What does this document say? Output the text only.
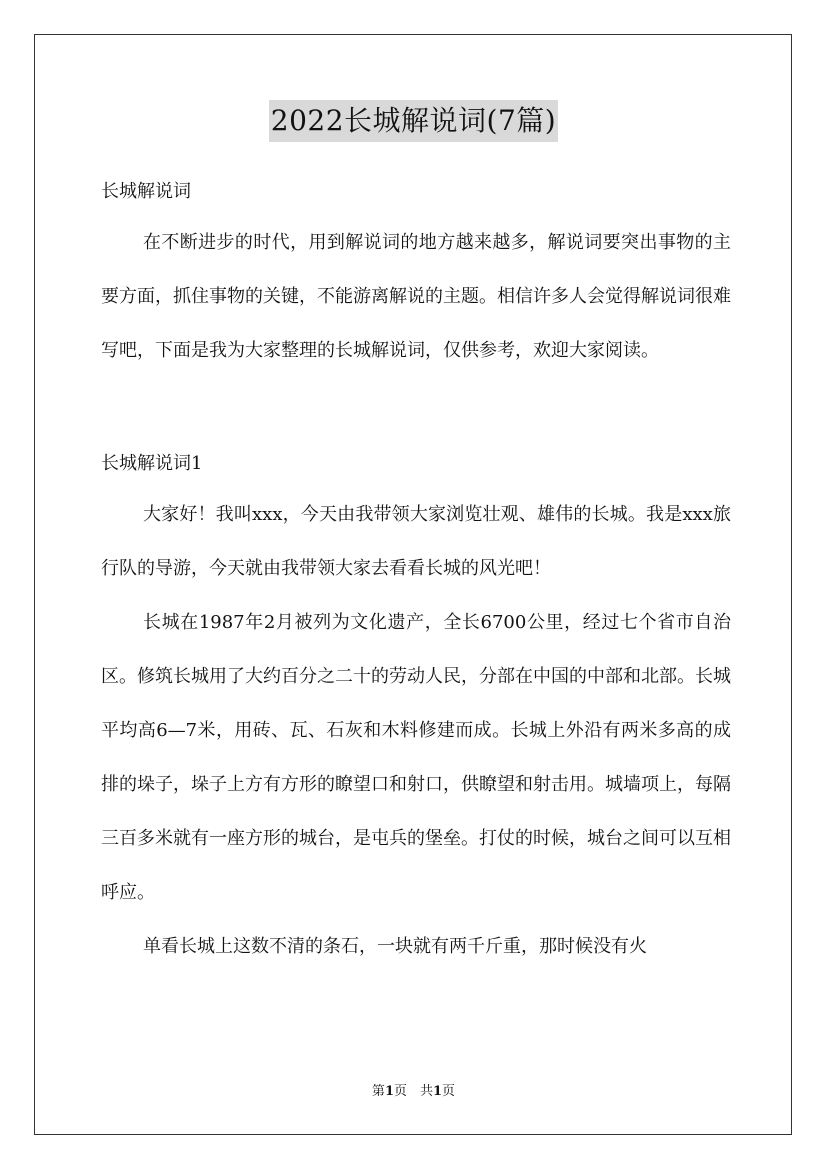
2022长城解说词(7篇)

长城解说词

在不断进步的时代，用到解说词的地方越来越多，解说词要突出事物的主要方面，抓住事物的关键，不能游离解说的主题。相信许多人会觉得解说词很难写吧，下面是我为大家整理的长城解说词，仅供参考，欢迎大家阅读。

长城解说词1

大家好！我叫xxx，今天由我带领大家浏览壮观、雄伟的长城。我是xxx旅行队的导游，今天就由我带领大家去看看长城的风光吧！

长城在1987年2月被列为文化遗产，全长6700公里，经过七个省市自治区。修筑长城用了大约百分之二十的劳动人民，分部在中国的中部和北部。长城平均高6—7米，用砖、瓦、石灰和木料修建而成。长城上外沿有两米多高的成排的垛子，垛子上方有方形的瞭望口和射口，供瞭望和射击用。城墙项上，每隔三百多米就有一座方形的城台，是屯兵的堡垒。打仗的时候，城台之间可以互相呼应。

单看长城上这数不清的条石，一块就有两千斤重，那时候没有火

第1页　共1页
